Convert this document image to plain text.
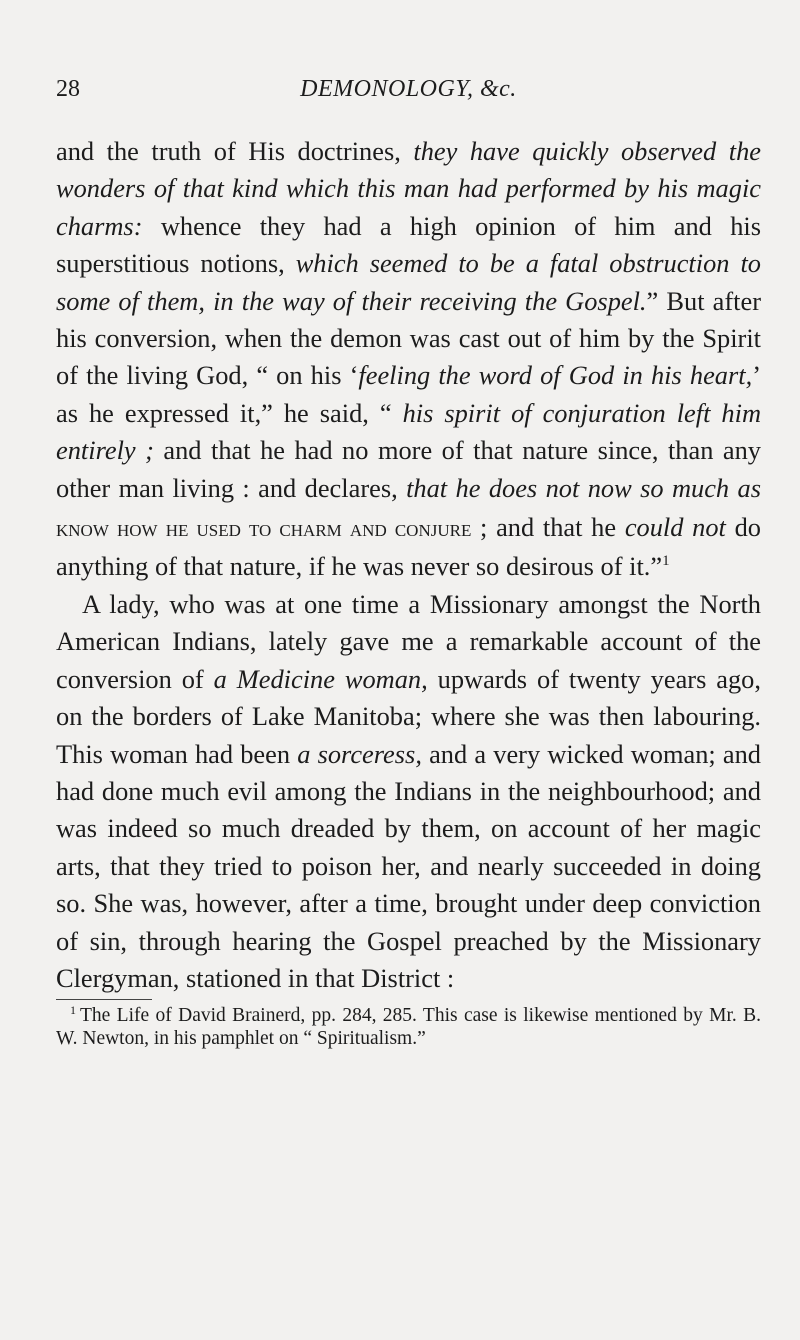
28	DEMONOLOGY, &c.

and the truth of His doctrines, they have quickly observed the wonders of that kind which this man had performed by his magic charms: whence they had a high opinion of him and his superstitious notions, which seemed to be a fatal obstruction to some of them, in the way of their receiving the Gospel.” But after his conversion, when the demon was cast out of him by the Spirit of the living God, “ on his ‘feeling the word of God in his heart,’ as he expressed it,” he said, “ his spirit of conjuration left him entirely ; and that he had no more of that nature since, than any other man living : and declares, that he does not now so much as know how he used to charm and conjure ; and that he could not do anything of that nature, if he was never so desirous of it.”$^1$

A lady, who was at one time a Missionary amongst the North American Indians, lately gave me a remarkable account of the conversion of a Medicine woman, upwards of twenty years ago, on the borders of Lake Manitoba; where she was then labouring. This woman had been a sorceress, and a very wicked woman; and had done much evil among the Indians in the neighbourhood; and was indeed so much dreaded by them, on account of her magic arts, that they tried to poison her, and nearly succeeded in doing so. She was, however, after a time, brought under deep conviction of sin, through hearing the Gospel preached by the Missionary Clergyman, stationed in that District :

$^1$ The Life of David Brainerd, pp. 284, 285. This case is likewise mentioned by Mr. B. W. Newton, in his pamphlet on “ Spiritualism.”
